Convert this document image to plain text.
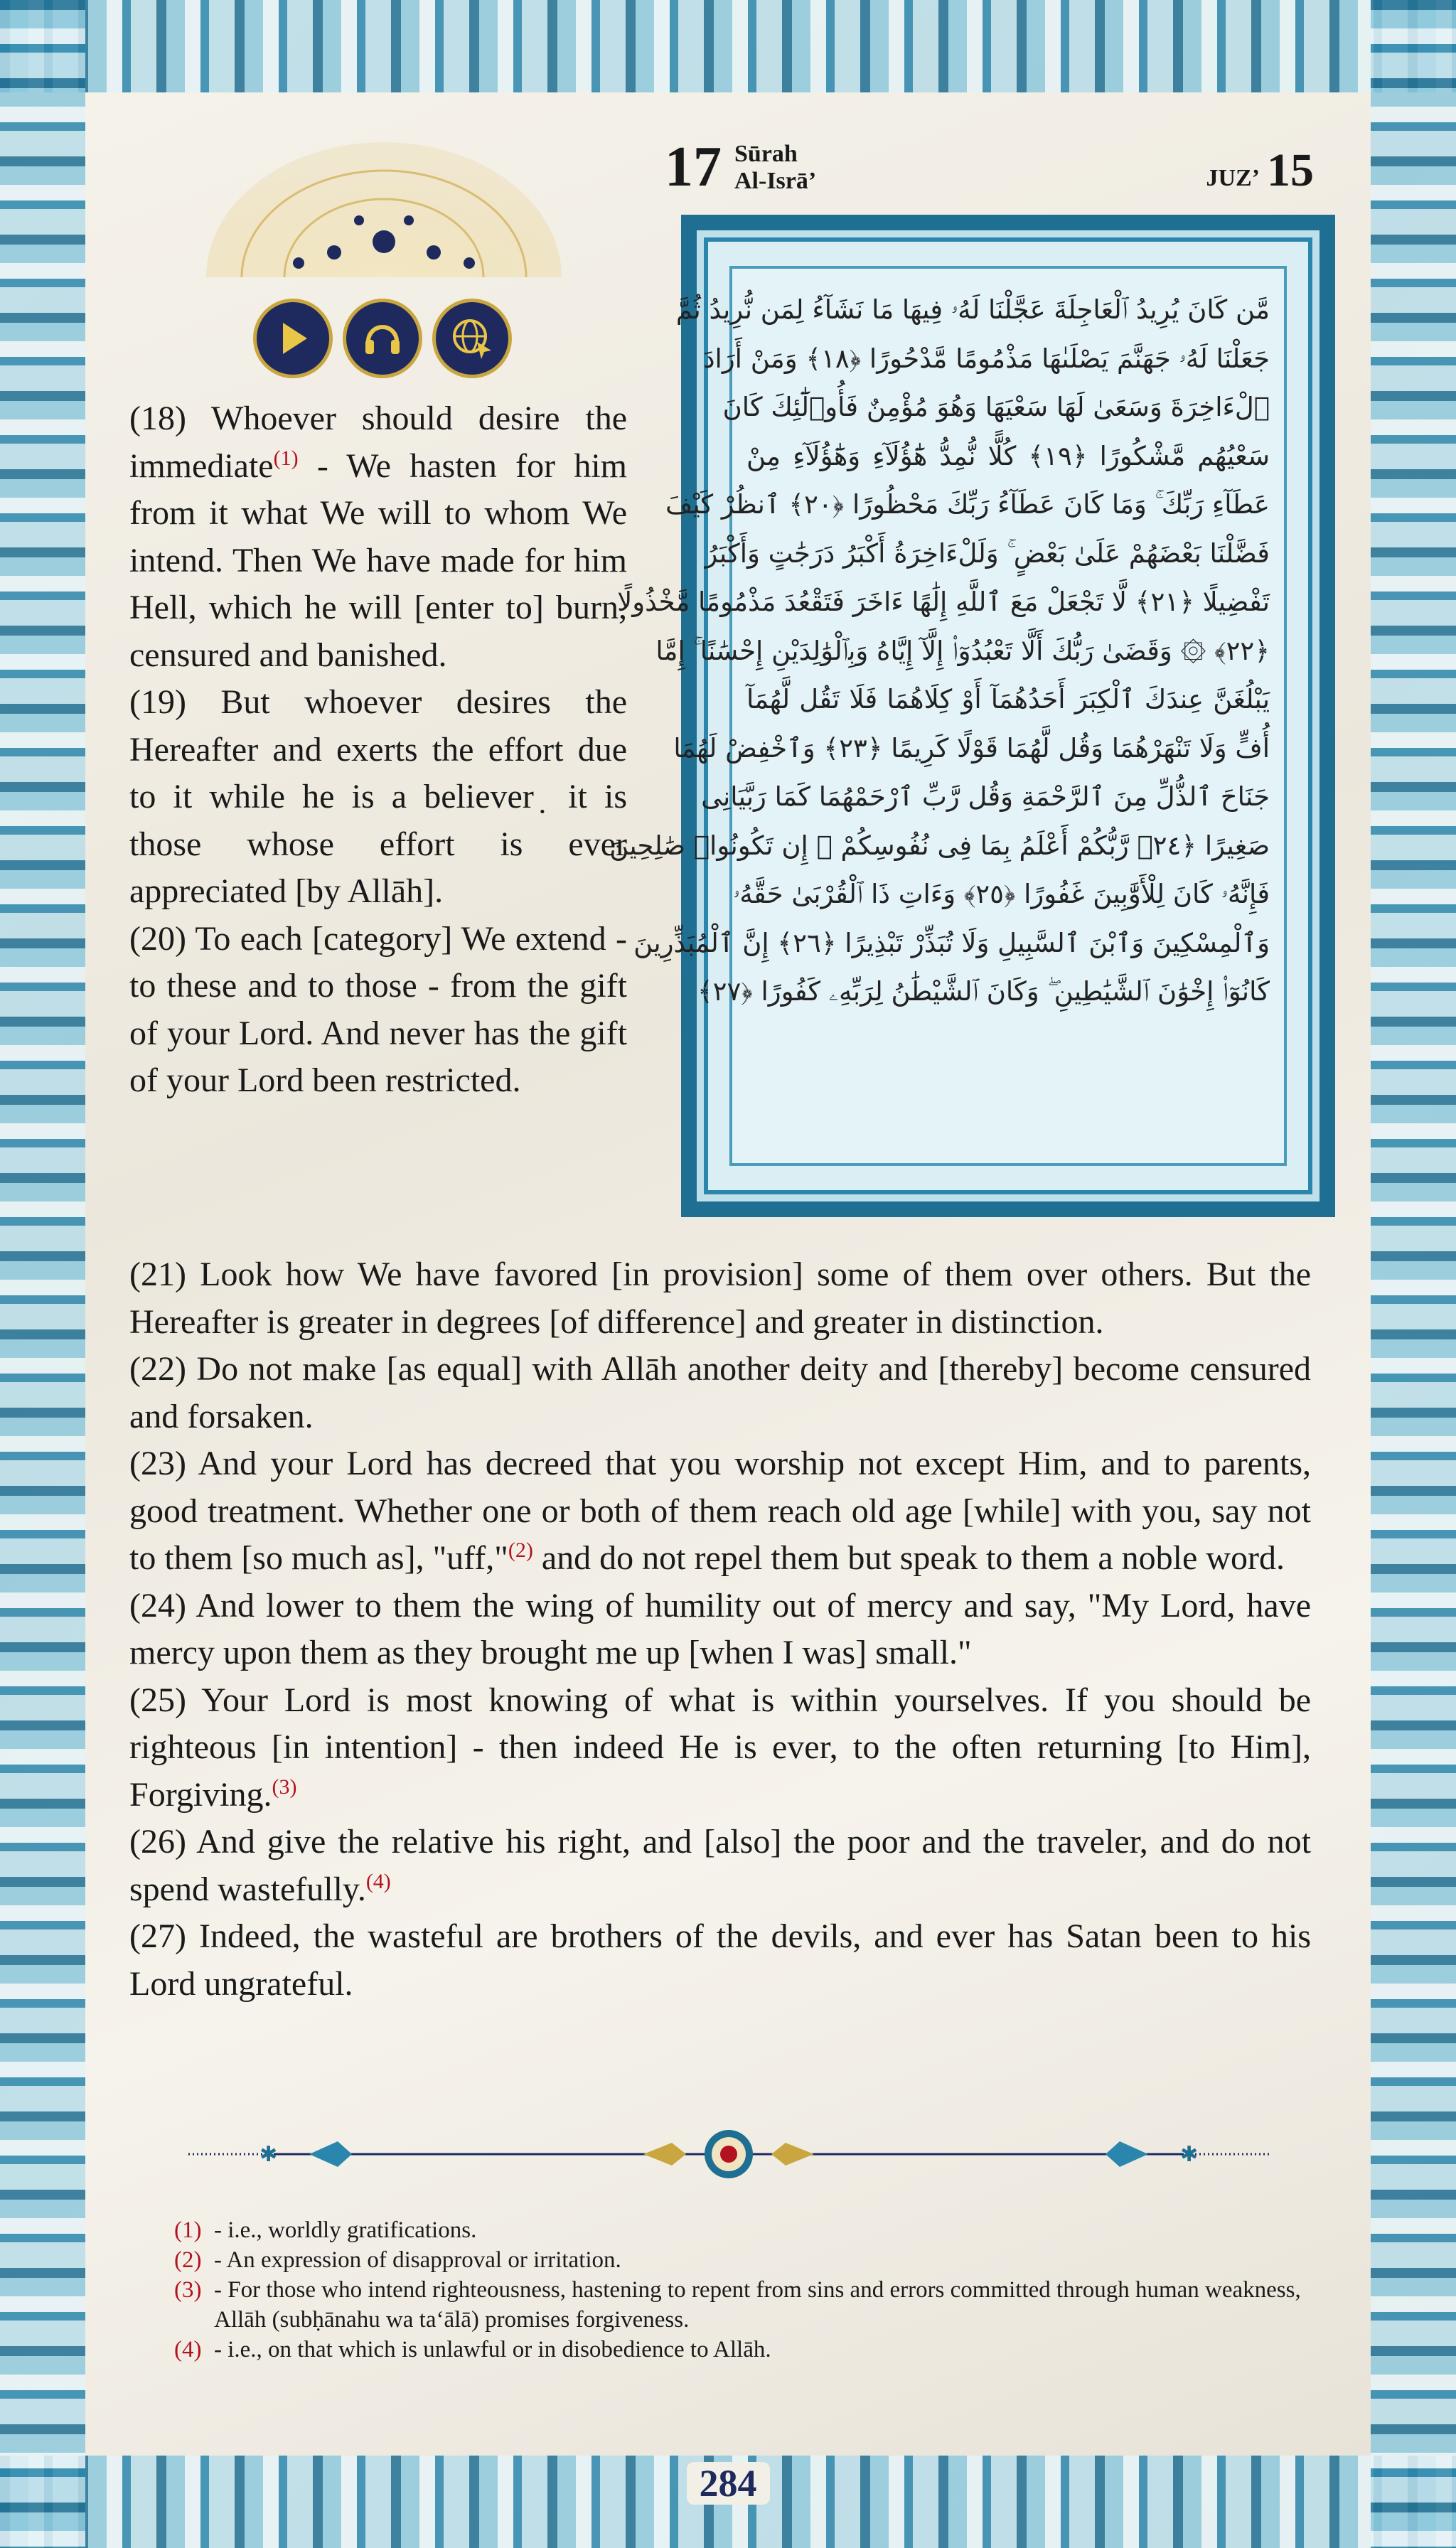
17 Sūrah
Al-Isrā’	JUZ’ 15
مَّن كَانَ يُرِيدُ ٱلْعَاجِلَةَ عَجَّلْنَا لَهُۥ فِيهَا مَا نَشَآءُ لِمَن نُّرِيدُ ثُمَّ
جَعَلْنَا لَهُۥ جَهَنَّمَ يَصْلَىٰهَا مَذْمُومًا مَّدْحُورًا ﴿١٨﴾ وَمَنْ أَرَادَ
ٱلْءَاخِرَةَ وَسَعَىٰ لَهَا سَعْيَهَا وَهُوَ مُؤْمِنٌ فَأُو۟لَٰٓئِكَ كَانَ
سَعْيُهُم مَّشْكُورًا ﴿١٩﴾ كُلًّا نُّمِدُّ هَٰٓؤُلَآءِ وَهَٰٓؤُلَآءِ مِنْ
عَطَآءِ رَبِّكَ ۚ وَمَا كَانَ عَطَآءُ رَبِّكَ مَحْظُورًا ﴿٢٠﴾ ٱنظُرْ كَيْفَ
فَضَّلْنَا بَعْضَهُمْ عَلَىٰ بَعْضٍ ۚ وَلَلْءَاخِرَةُ أَكْبَرُ دَرَجَٰتٍ وَأَكْبَرُ
تَفْضِيلًا ﴿٢١﴾ لَّا تَجْعَلْ مَعَ ٱللَّهِ إِلَٰهًا ءَاخَرَ فَتَقْعُدَ مَذْمُومًا مَّخْذُولًا
﴿٢٢﴾ ۞ وَقَضَىٰ رَبُّكَ أَلَّا تَعْبُدُوٓا۟ إِلَّآ إِيَّاهُ وَبِٱلْوَٰلِدَيْنِ إِحْسَٰنًا ۚ إِمَّا
يَبْلُغَنَّ عِندَكَ ٱلْكِبَرَ أَحَدُهُمَآ أَوْ كِلَاهُمَا فَلَا تَقُل لَّهُمَآ
أُفٍّ وَلَا تَنْهَرْهُمَا وَقُل لَّهُمَا قَوْلًا كَرِيمًا ﴿٢٣﴾ وَٱخْفِضْ لَهُمَا
جَنَاحَ ٱلذُّلِّ مِنَ ٱلرَّحْمَةِ وَقُل رَّبِّ ٱرْحَمْهُمَا كَمَا رَبَّيَانِى
صَغِيرًا ﴿٢٤﴾ رَّبُّكُمْ أَعْلَمُ بِمَا فِى نُفُوسِكُمْ ۚ إِن تَكُونُوا۟ صَٰلِحِينَ
فَإِنَّهُۥ كَانَ لِلْأَوَّٰبِينَ غَفُورًا ﴿٢٥﴾ وَءَاتِ ذَا ٱلْقُرْبَىٰ حَقَّهُۥ
وَٱلْمِسْكِينَ وَٱبْنَ ٱلسَّبِيلِ وَلَا تُبَذِّرْ تَبْذِيرًا ﴿٢٦﴾ إِنَّ ٱلْمُبَذِّرِينَ
كَانُوٓا۟ إِخْوَٰنَ ٱلشَّيَٰطِينِ ۖ وَكَانَ ٱلشَّيْطَٰنُ لِرَبِّهِۦ كَفُورًا ﴿٢٧﴾

(18) Whoever should desire the immediate$^{(1)}$ - We hasten for him from it what We will to whom We intend. Then We have made for him Hell, which he will [enter to] burn, censured and banished.

(19) But whoever desires the Hereafter and exerts the effort due to it while he is a believer ̣ it is those whose effort is ever appreciated [by Allāh].

(20) To each [category] We extend - to these and to those - from the gift of your Lord. And never has the gift of your Lord been restricted.

(21) Look how We have favored [in provision] some of them over others. But the Hereafter is greater in degrees [of difference] and greater in distinction.

(22) Do not make [as equal] with Allāh another deity and [thereby] become censured and forsaken.

(23) And your Lord has decreed that you worship not except Him, and to parents, good treatment. Whether one or both of them reach old age [while] with you, say not to them [so much as], "uff,"$^{(2)}$ and do not repel them but speak to them a noble word.

(24) And lower to them the wing of humility out of mercy and say, "My Lord, have mercy upon them as they brought me up [when I was] small."

(25) Your Lord is most knowing of what is within yourselves. If you should be righteous [in intention] - then indeed He is ever, to the often returning [to Him], Forgiving.$^{(3)}$

(26) And give the relative his right, and [also] the poor and the traveler, and do not spend wastefully.$^{(4)}$

(27) Indeed, the wasteful are brothers of the devils, and ever has Satan been to his Lord ungrateful.

✱	✱
(1) - i.e., worldly gratifications.
(2) - An expression of disapproval or irritation.
(3) - For those who intend righteousness, hastening to repent from sins and errors committed through human weakness, Allāh (subḥānahu wa ta‘ālā) promises forgiveness.
(4) - i.e., on that which is unlawful or in disobedience to Allāh.
284
